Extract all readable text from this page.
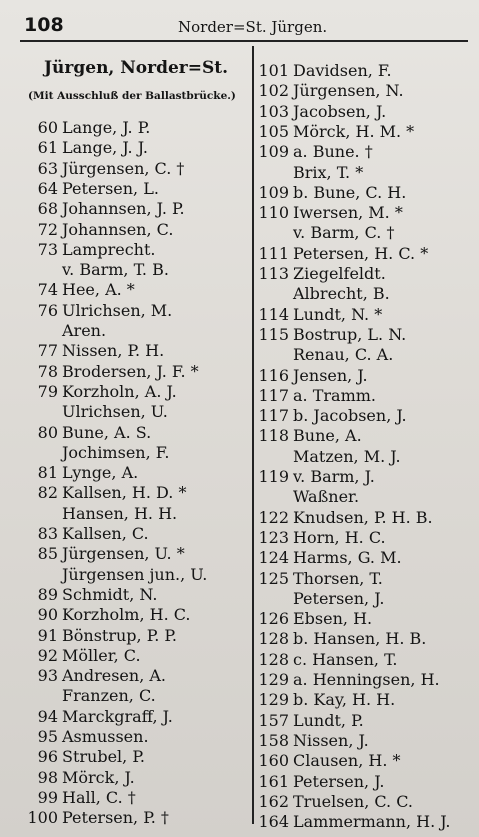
108	Norder=St. Jürgen.
Jürgen, Norder=St.
(Mit Ausschluß der Ballastbrücke.)
60 Lange, J. P.
61 Lange, J. J.
63 Jürgensen, C. †
64 Petersen, L.
68 Johannsen, J. P.
72 Johannsen, C.
73 Lamprecht.
v. Barm, T. B.
74 Hee, A. *
76 Ulrichsen, M.
Aren.
77 Nissen, P. H.
78 Brodersen, J. F. *
79 Korzholn, A. J.
Ulrichsen, U.
80 Bune, A. S.
Jochimsen, F.
81 Lynge, A.
82 Kallsen, H. D. *
Hansen, H. H.
83 Kallsen, C.
85 Jürgensen, U. *
Jürgensen jun., U.
89 Schmidt, N.
90 Korzholm, H. C.
91 Bönstrup, P. P.
92 Möller, C.
93 Andresen, A.
Franzen, C.
94 Marckgraff, J.
95 Asmussen.
96 Strubel, P.
98 Mörck, J.
99 Hall, C. †
100 Petersen, P. †
101 Davidsen, F.
102 Jürgensen, N.
103 Jacobsen, J.
105 Mörck, H. M. *
109 a. Bune. †
Brix, T. *
109 b. Bune, C. H.
110 Iwersen, M. *
v. Barm, C. †
111 Petersen, H. C. *
113 Ziegelfeldt.
Albrecht, B.
114 Lundt, N. *
115 Bostrup, L. N.
Renau, C. A.
116 Jensen, J.
117 a. Tramm.
117 b. Jacobsen, J.
118 Bune, A.
Matzen, M. J.
119 v. Barm, J.
Waßner.
122 Knudsen, P. H. B.
123 Horn, H. C.
124 Harms, G. M.
125 Thorsen, T.
Petersen, J.
126 Ebsen, H.
128 b. Hansen, H. B.
128 c. Hansen, T.
129 a. Henningsen, H.
129 b. Kay, H. H.
157 Lundt, P.
158 Nissen, J.
160 Clausen, H. *
161 Petersen, J.
162 Truelsen, C. C.
164 Lammermann, H. J.
